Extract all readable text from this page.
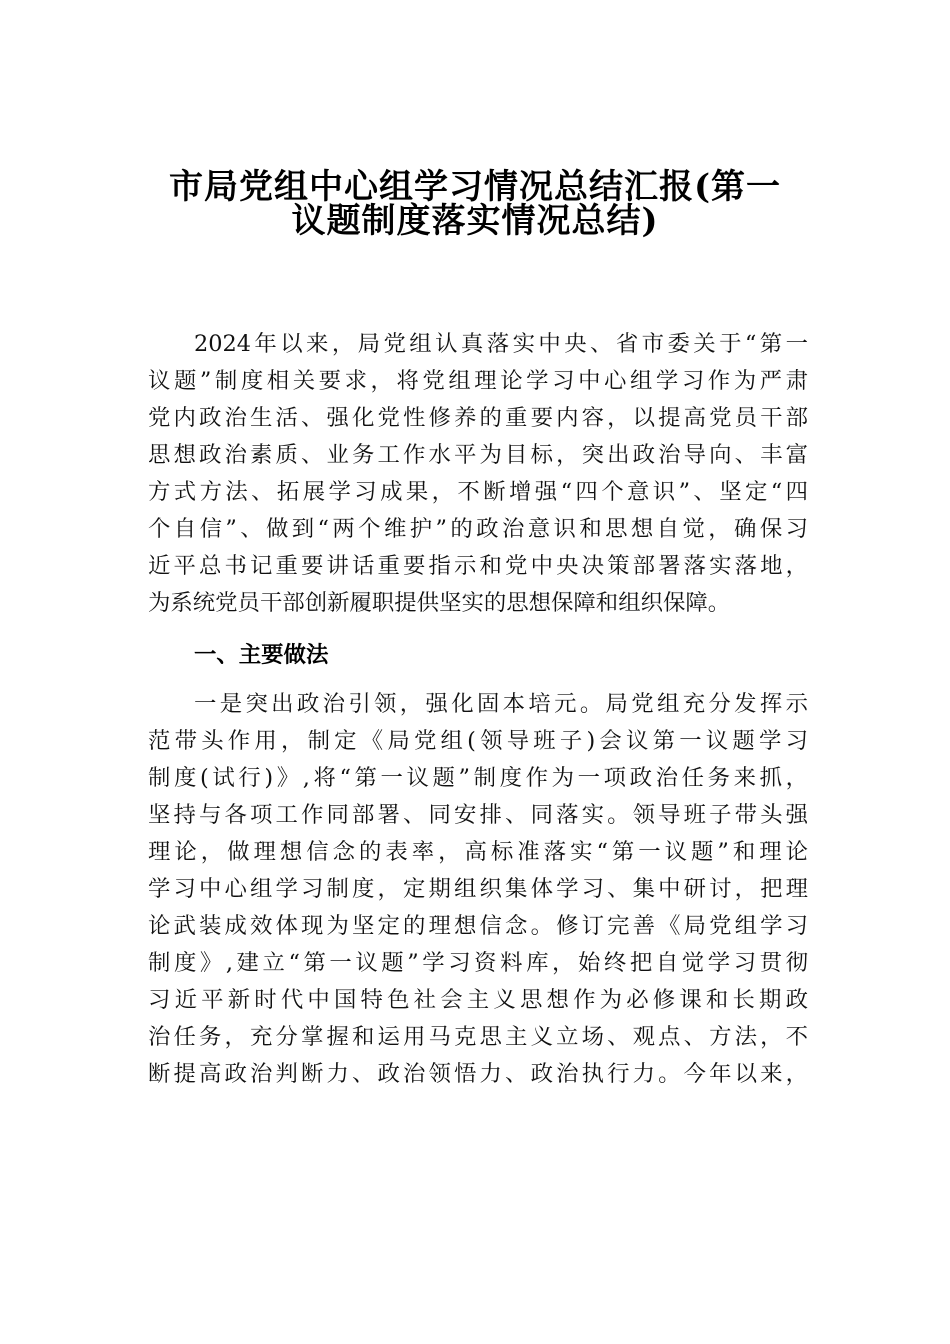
市局党组中心组学习情况总结汇报(第一
议题制度落实情况总结)
2024年以来，局党组认真落实中央、省市委关于“第一
议题”制度相关要求，将党组理论学习中心组学习作为严肃
党内政治生活、强化党性修养的重要内容，以提高党员干部
思想政治素质、业务工作水平为目标，突出政治导向、丰富
方式方法、拓展学习成果，不断增强“四个意识”、坚定“四
个自信”、做到“两个维护”的政治意识和思想自觉，确保习
近平总书记重要讲话重要指示和党中央决策部署落实落地，
为系统党员干部创新履职提供坚实的思想保障和组织保障。
一、主要做法
一是突出政治引领，强化固本培元。局党组充分发挥示
范带头作用，制定《局党组(领导班子)会议第一议题学习
制度(试行)》,将“第一议题”制度作为一项政治任务来抓，
坚持与各项工作同部署、同安排、同落实。领导班子带头强
理论，做理想信念的表率，高标准落实“第一议题”和理论
学习中心组学习制度，定期组织集体学习、集中研讨，把理
论武装成效体现为坚定的理想信念。修订完善《局党组学习
制度》,建立“第一议题”学习资料库，始终把自觉学习贯彻
习近平新时代中国特色社会主义思想作为必修课和长期政
治任务，充分掌握和运用马克思主义立场、观点、方法，不
断提高政治判断力、政治领悟力、政治执行力。今年以来，
